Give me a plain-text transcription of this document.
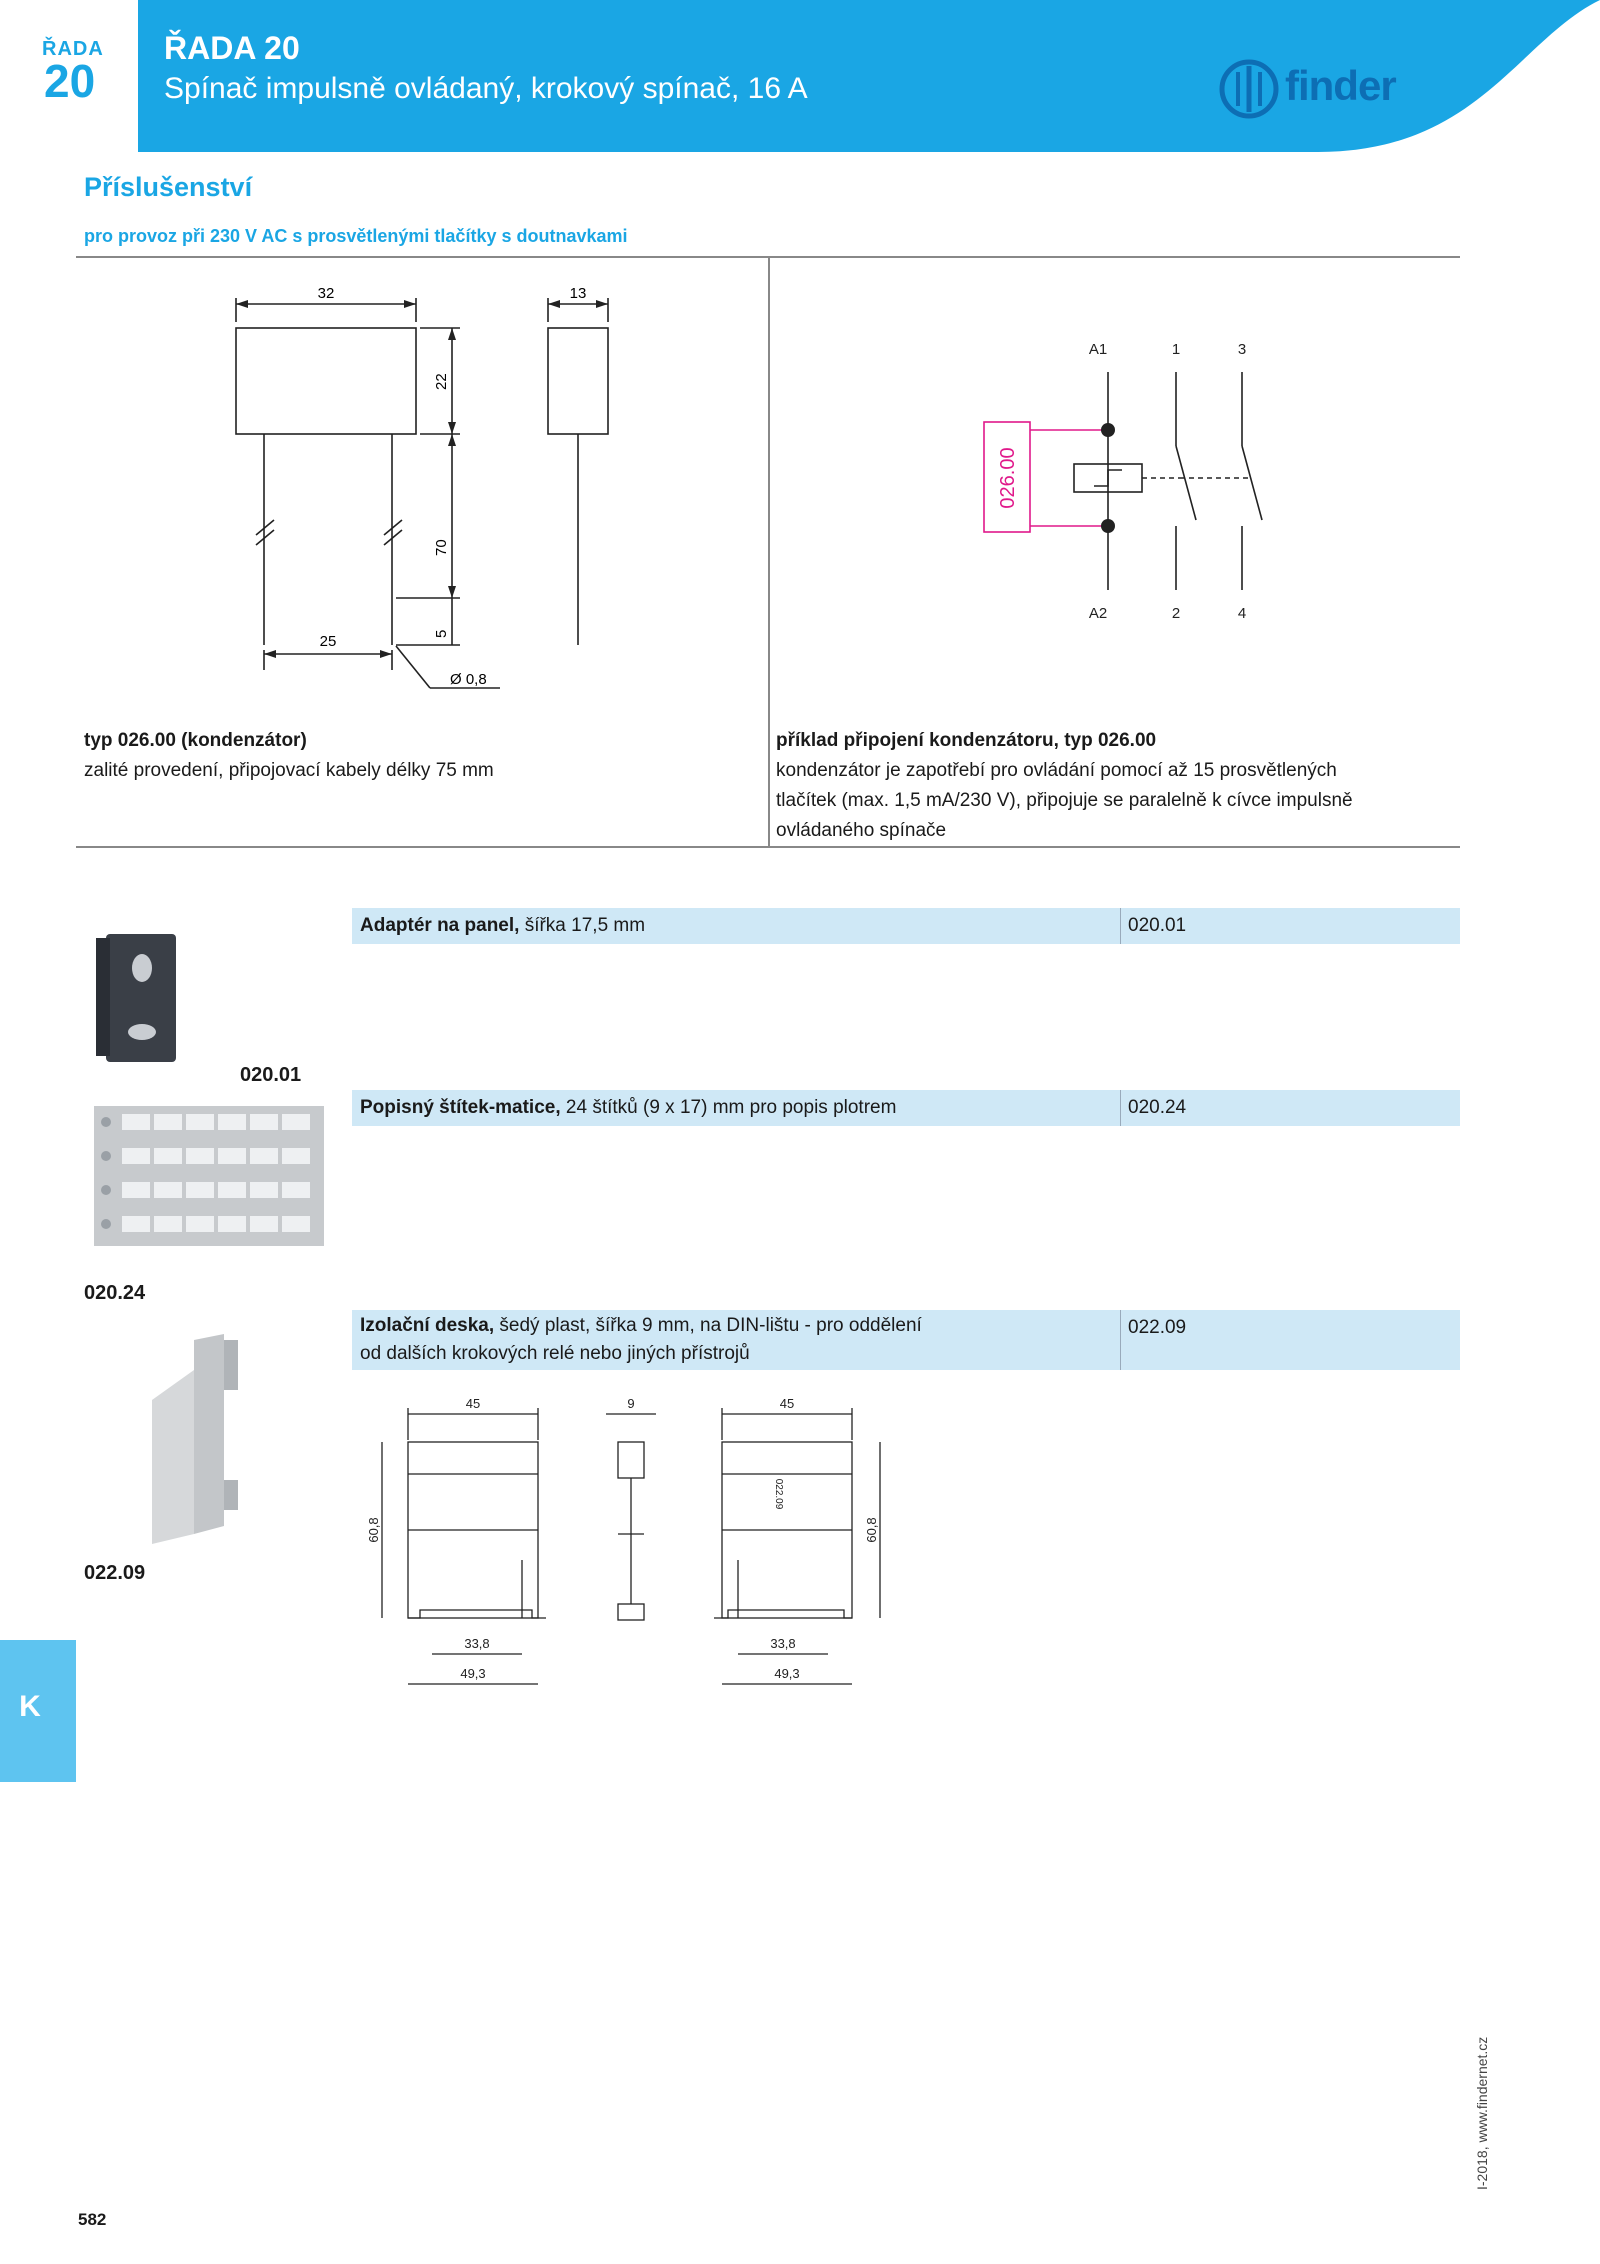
ŘADA
20
ŘADA 20
Spínač impulsně ovládaný, krokový spínač, 16 A	finder
Příslušenství
pro provoz při 230 V AC s prosvětlenými tlačítky s doutnavkami
32	13
22
70
5
25
Ø 0,8
A1	1	3
A2	2	4
026.00
typ 026.00 (kondenzátor)
zalité provedení, připojovací kabely délky 75 mm
příklad připojení kondenzátoru, typ 026.00
kondenzátor je zapotřebí pro ovládání pomocí až 15 prosvětlených
tlačítek (max. 1,5 mA/230 V), připojuje se paralelně k cívce impulsně
ovládaného spínače
Adaptér na panel, šířka 17,5 mm	020.01
Popisný štítek-matice, 24 štítků (9 x 17) mm pro popis plotrem	020.24
Izolační deska, šedý plast, šířka 9 mm, na DIN-lištu - pro oddělení
od dalších krokových relé nebo jiných přístrojů
022.09
020.01
020.24
022.09
45	9	45
60,8	60,8
33,8
49,3
33,8
49,3
022.09
K
582
I-2018, www.findernet.cz
